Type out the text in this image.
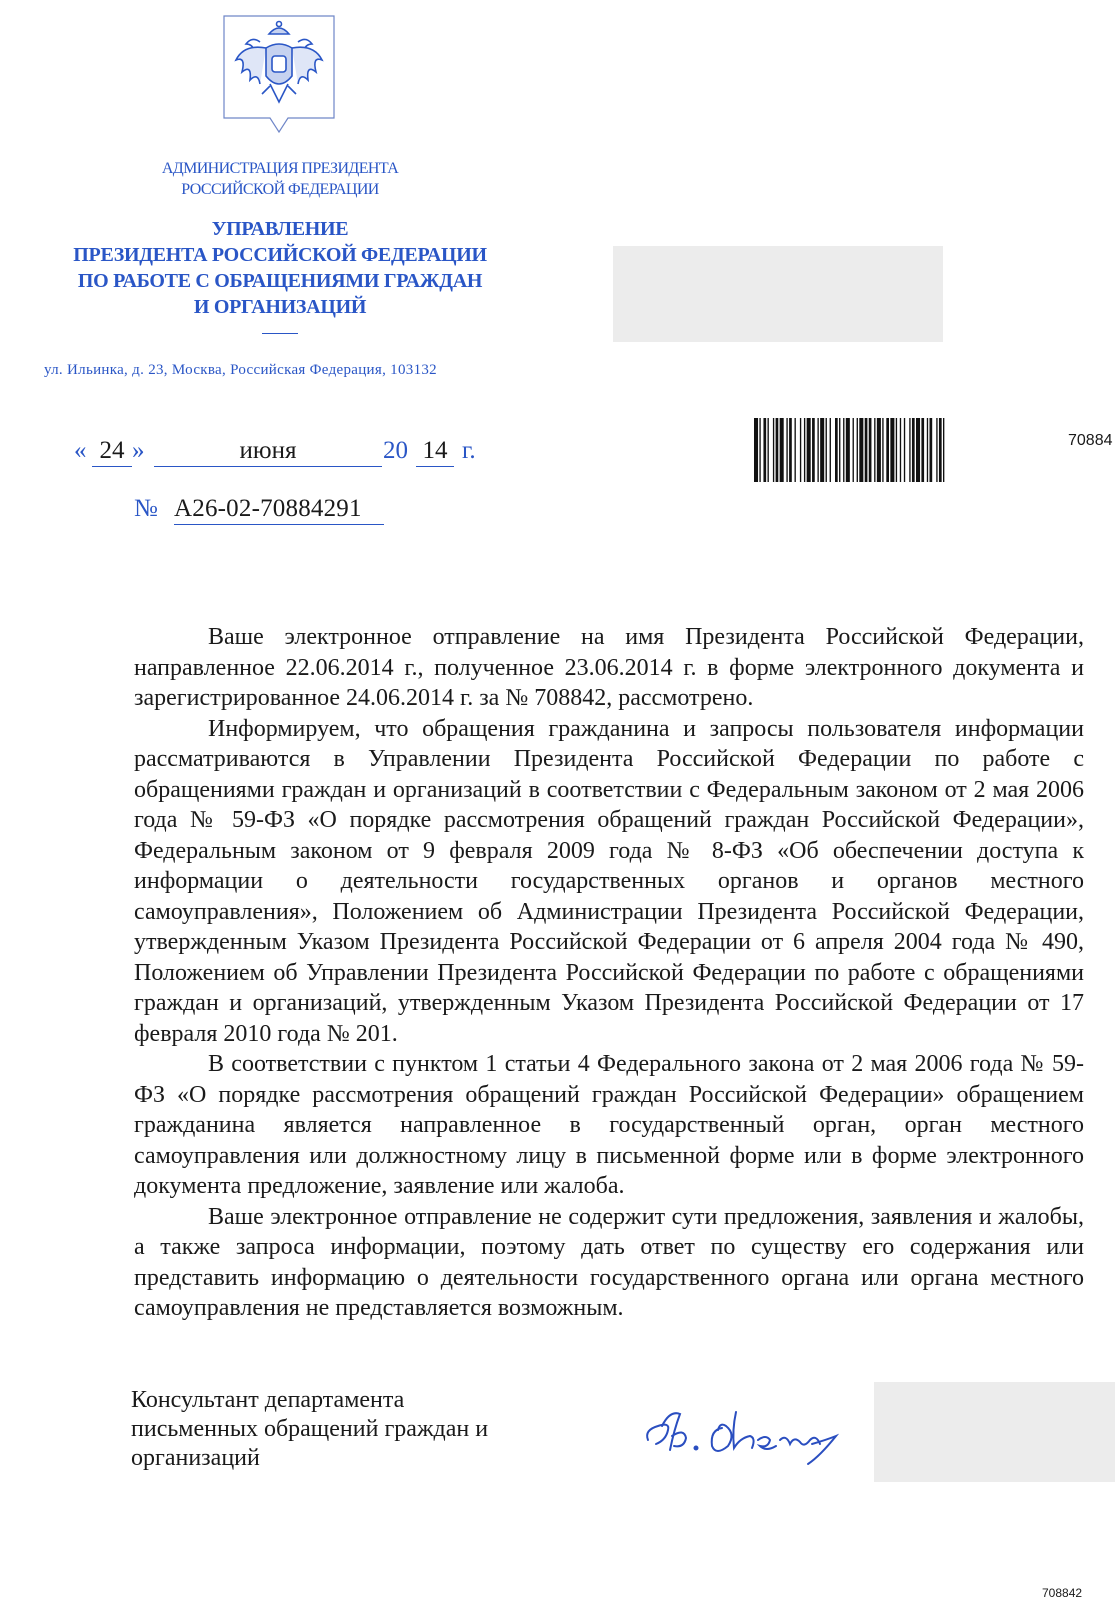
АДМИНИСТРАЦИЯ ПРЕЗИДЕНТА
РОССИЙСКОЙ ФЕДЕРАЦИИ
УПРАВЛЕНИЕ
ПРЕЗИДЕНТА РОССИЙСКОЙ ФЕДЕРАЦИИ
ПО РАБОТЕ С ОБРАЩЕНИЯМИ ГРАЖДАН
И ОРГАНИЗАЦИЙ
ул. Ильинка, д. 23, Москва, Российская Федерация, 103132
70884
« 24 »	июня	20 14 г.
№ А26-02-70884291

Ваше электронное отправление на имя Президента Российской Федерации, направленное 22.06.2014 г., полученное 23.06.2014 г. в форме электронного документа и зарегистрированное 24.06.2014 г. за № 708842, рассмотрено.

Информируем, что обращения гражданина и запросы пользователя информации рассматриваются в Управлении Президента Российской Федерации по работе с обращениями граждан и организаций в соответствии с Федеральным законом от 2 мая 2006 года № 59-ФЗ «О порядке рассмотрения обращений граждан Российской Федерации», Федеральным законом от 9 февраля 2009 года № 8-ФЗ «Об обеспечении доступа к информации о деятельности государственных органов и органов местного самоуправления», Положением об Администрации Президента Российской Федерации, утвержденным Указом Президента Российской Федерации от 6 апреля 2004 года № 490, Положением об Управлении Президента Российской Федерации по работе с обращениями граждан и организаций, утвержденным Указом Президента Российской Федерации от 17 февраля 2010 года № 201.

В соответствии с пунктом 1 статьи 4 Федерального закона от 2 мая 2006 года № 59-ФЗ «О порядке рассмотрения обращений граждан Российской Федерации» обращением гражданина является направленное в государственный орган, орган местного самоуправления или должностному лицу в письменной форме или в форме электронного документа предложение, заявление или жалоба.

Ваше электронное отправление не содержит сути предложения, заявления и жалобы, а также запроса информации, поэтому дать ответ по существу его содержания или представить информацию о деятельности государственного органа или органа местного самоуправления не представляется возможным.

Консультант департамента
письменных обращений граждан и
организаций
708842
